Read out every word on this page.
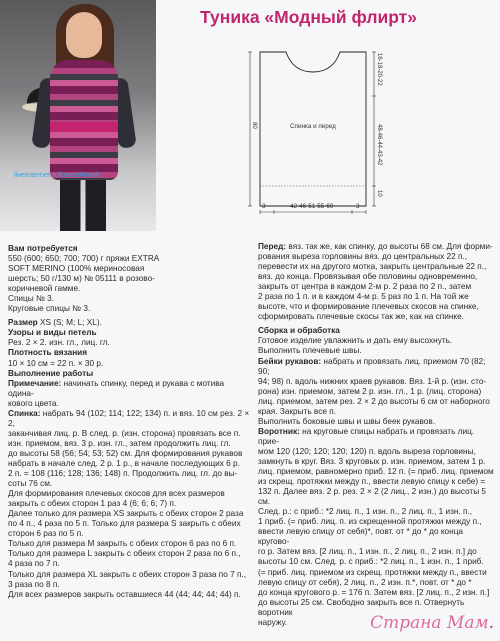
liveinternet.ru/users/rimok
Туника «Модный флирт»
Спинка и перед
80
16-18-20-22
48-46-44-43-42
10
3	42-46-51-55-60	3

Вам потребуется

550 (600; 650; 700; 700) г пряжи EXTRA

SOFT MERINO (100% мериносовая

шерсть; 50 г/130 м) № 05111 в розово-

коричневой гамме.

Спицы № 3.

Круговые спицы № 3.

Размер XS (S; M; L; XL).

Узоры и виды петель

Рез. 2 × 2. изн. гл., лиц. гл.

Плотность вязания

10 × 10 см = 22 п. × 30 р.

Выполнение работы

Примечание: начинать спинку, перед и рукава с мотива одина-

кового цвета.

Спинка: набрать 94 (102; 114; 122; 134) п. и вяз. 10 см рез. 2 × 2,

заканчивая лиц. р. В след. р. (изн. сторона) провязать все п.

изн. приемом, вяз. 3 р. изн. гл., затем продолжить лиц. гл.

до высоты 58 (56; 54; 53; 52) см. Для формирования рукавов

набрать в начале след. 2 р. 1 р., в начале последующих 6 р.

2 п. = 108 (116; 128; 136; 148) п. Продолжить лиц. гл. до вы-

соты 76 см.

Для формирования плечевых скосов для всех размеров

закрыть с обеих сторон 1 раз 4 (6; 6; 6; 7) п.

Далее только для размера XS закрыть с обеих сторон 2 раза

по 4 п., 4 раза по 5 п. Только для размера S закрыть с обеих

сторон 6 раз по 5 п.

Только для размера M закрыть с обеих сторон 6 раз по 6 п.

Только для размера L закрыть с обеих сторон 2 раза по 6 п.,

4 раза по 7 п.

Только для размера XL закрыть с обеих сторон 3 раза по 7 п.,

3 раза по 8 п.

Для всех размеров закрыть оставшиеся 44 (44; 44; 44; 44) п.

Перед: вяз. так же, как спинку, до высоты 68 см. Для форми-

рования выреза горловины вяз. до центральных 22 п.,

перевести их на другого мотка, закрыть центральные 22 п.,

вяз. до конца. Провязывая обе половины одновременно,

закрыть от центра в каждом 2-м р. 2 раза по 2 п., затем

2 раза по 1 п. и в каждом 4-м р. 5 раз по 1 п. На той же

высоте, что и формирование плечевых скосов на спинке,

сформировать плечевые скосы так же, как на спинке.

Сборка и обработка

Готовое изделие увлажнить и дать ему высохнуть.

Выполнить плечевые швы.

Бейки рукавов: набрать и провязать лиц. приемом 70 (82; 90;

94; 98) п. вдоль нижних краев рукавов. Вяз. 1-й р. (изн. сто-

рона) изн. приемом, затем 2 р. изн. гл., 1 р. (лиц. сторона)

лиц. приемом, затем рез. 2 × 2 до высоты 6 см от наборного

края. Закрыть все п.

Выполнить боковые швы и швы беек рукавов.

Воротник: на круговые спицы набрать и провязать лиц. прие-

мом 120 (120; 120; 120; 120) п. вдоль выреза горловины,

замкнуть в круг. Вяз. 3 круговых р. изн. приемом, затем 1 р.

лиц. приемом, равномерно приб. 12 п. (= приб. лиц. приемом

из скрещ. протяжки между п., ввести левую спицу к себе) =

132 п. Далее вяз. 2 р. рез. 2 × 2 (2 лиц., 2 изн.) до высоты 5 см.

След. р.: с приб.: *2 лиц. п., 1 изн. п., 2 лиц. п., 1 изн. п.,

1 приб. (= приб. лиц. п. из скрещенной протяжки между п.,

ввести левую спицу от себя)*, повт. от * до * до конца кругово-

го р. Затем вяз. [2 лиц. п., 1 изн. п., 2 лиц. п., 2 изн. п.] до

высоты 10 см. След. р. с приб.: *2 лиц. п., 1 изн. п., 1 приб.

(= приб. лиц. приемом из скрещ. протяжки между п., ввести

левую спицу от себя), 2 лиц. п., 2 изн. п.*, повт. от * до *

до конца кругового р. = 176 п. Затем вяз. [2 лиц. п., 2 изн. п.]

до высоты 25 см. Свободно закрыть все п. Отвернуть воротник

наружу.	Страна Мам.
